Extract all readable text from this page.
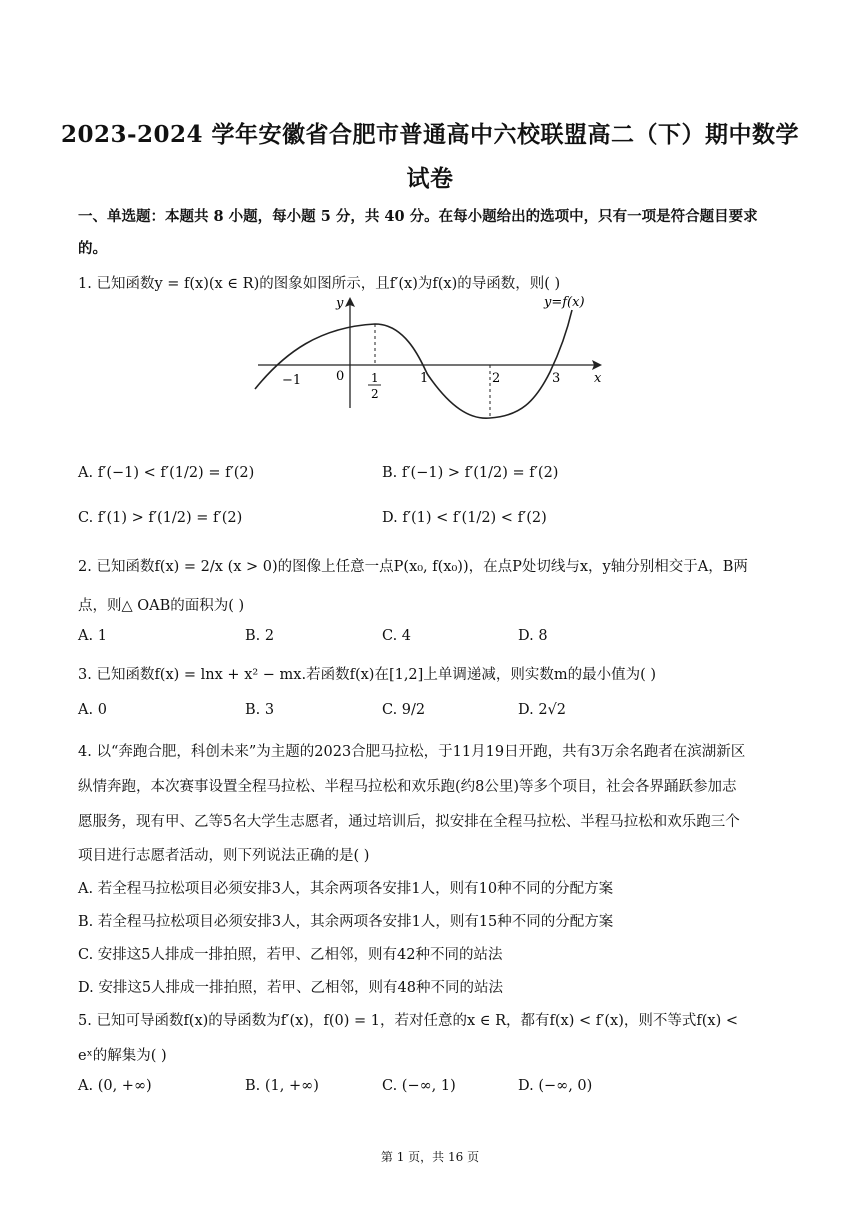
2023-2024 学年安徽省合肥市普通高中六校联盟高二（下）期中数学
试卷
一、单选题：本题共 8 小题，每小题 5 分，共 40 分。在每小题给出的选项中，只有一项是符合题目要求
的。
1. 已知函数y = f(x)(x ∈ R)的图象如图所示，且f′(x)为f(x)的导函数，则( )
y
x
−1	0 1
2
1	2	3
y=f(x)
A. f′(−1) < f′(1/2) = f′(2)	B. f′(−1) > f′(1/2) = f′(2)
C. f′(1) > f′(1/2) = f′(2)	D. f′(1) < f′(1/2) < f′(2)
2. 已知函数f(x) = 2/x (x > 0)的图像上任意一点P(x₀, f(x₀))，在点P处切线与x，y轴分别相交于A，B两
点，则△ OAB的面积为( )
A. 1	B. 2	C. 4	D. 8
3. 已知函数f(x) = lnx + x² − mx.若函数f(x)在[1,2]上单调递减，则实数m的最小值为( )
A. 0	B. 3	C. 9/2	D. 2√2
4. 以“奔跑合肥，科创未来”为主题的2023合肥马拉松，于11月19日开跑，共有3万余名跑者在滨湖新区
纵情奔跑，本次赛事设置全程马拉松、半程马拉松和欢乐跑(约8公里)等多个项目，社会各界踊跃参加志
愿服务，现有甲、乙等5名大学生志愿者，通过培训后，拟安排在全程马拉松、半程马拉松和欢乐跑三个
项目进行志愿者活动，则下列说法正确的是( )
A. 若全程马拉松项目必须安排3人，其余两项各安排1人，则有10种不同的分配方案
B. 若全程马拉松项目必须安排3人，其余两项各安排1人，则有15种不同的分配方案
C. 安排这5人排成一排拍照，若甲、乙相邻，则有42种不同的站法
D. 安排这5人排成一排拍照，若甲、乙相邻，则有48种不同的站法
5. 已知可导函数f(x)的导函数为f′(x)，f(0) = 1，若对任意的x ∈ R，都有f(x) < f′(x)，则不等式f(x) <
eˣ的解集为( )
A. (0, +∞)	B. (1, +∞)	C. (−∞, 1)	D. (−∞, 0)
第 1 页，共 16 页
